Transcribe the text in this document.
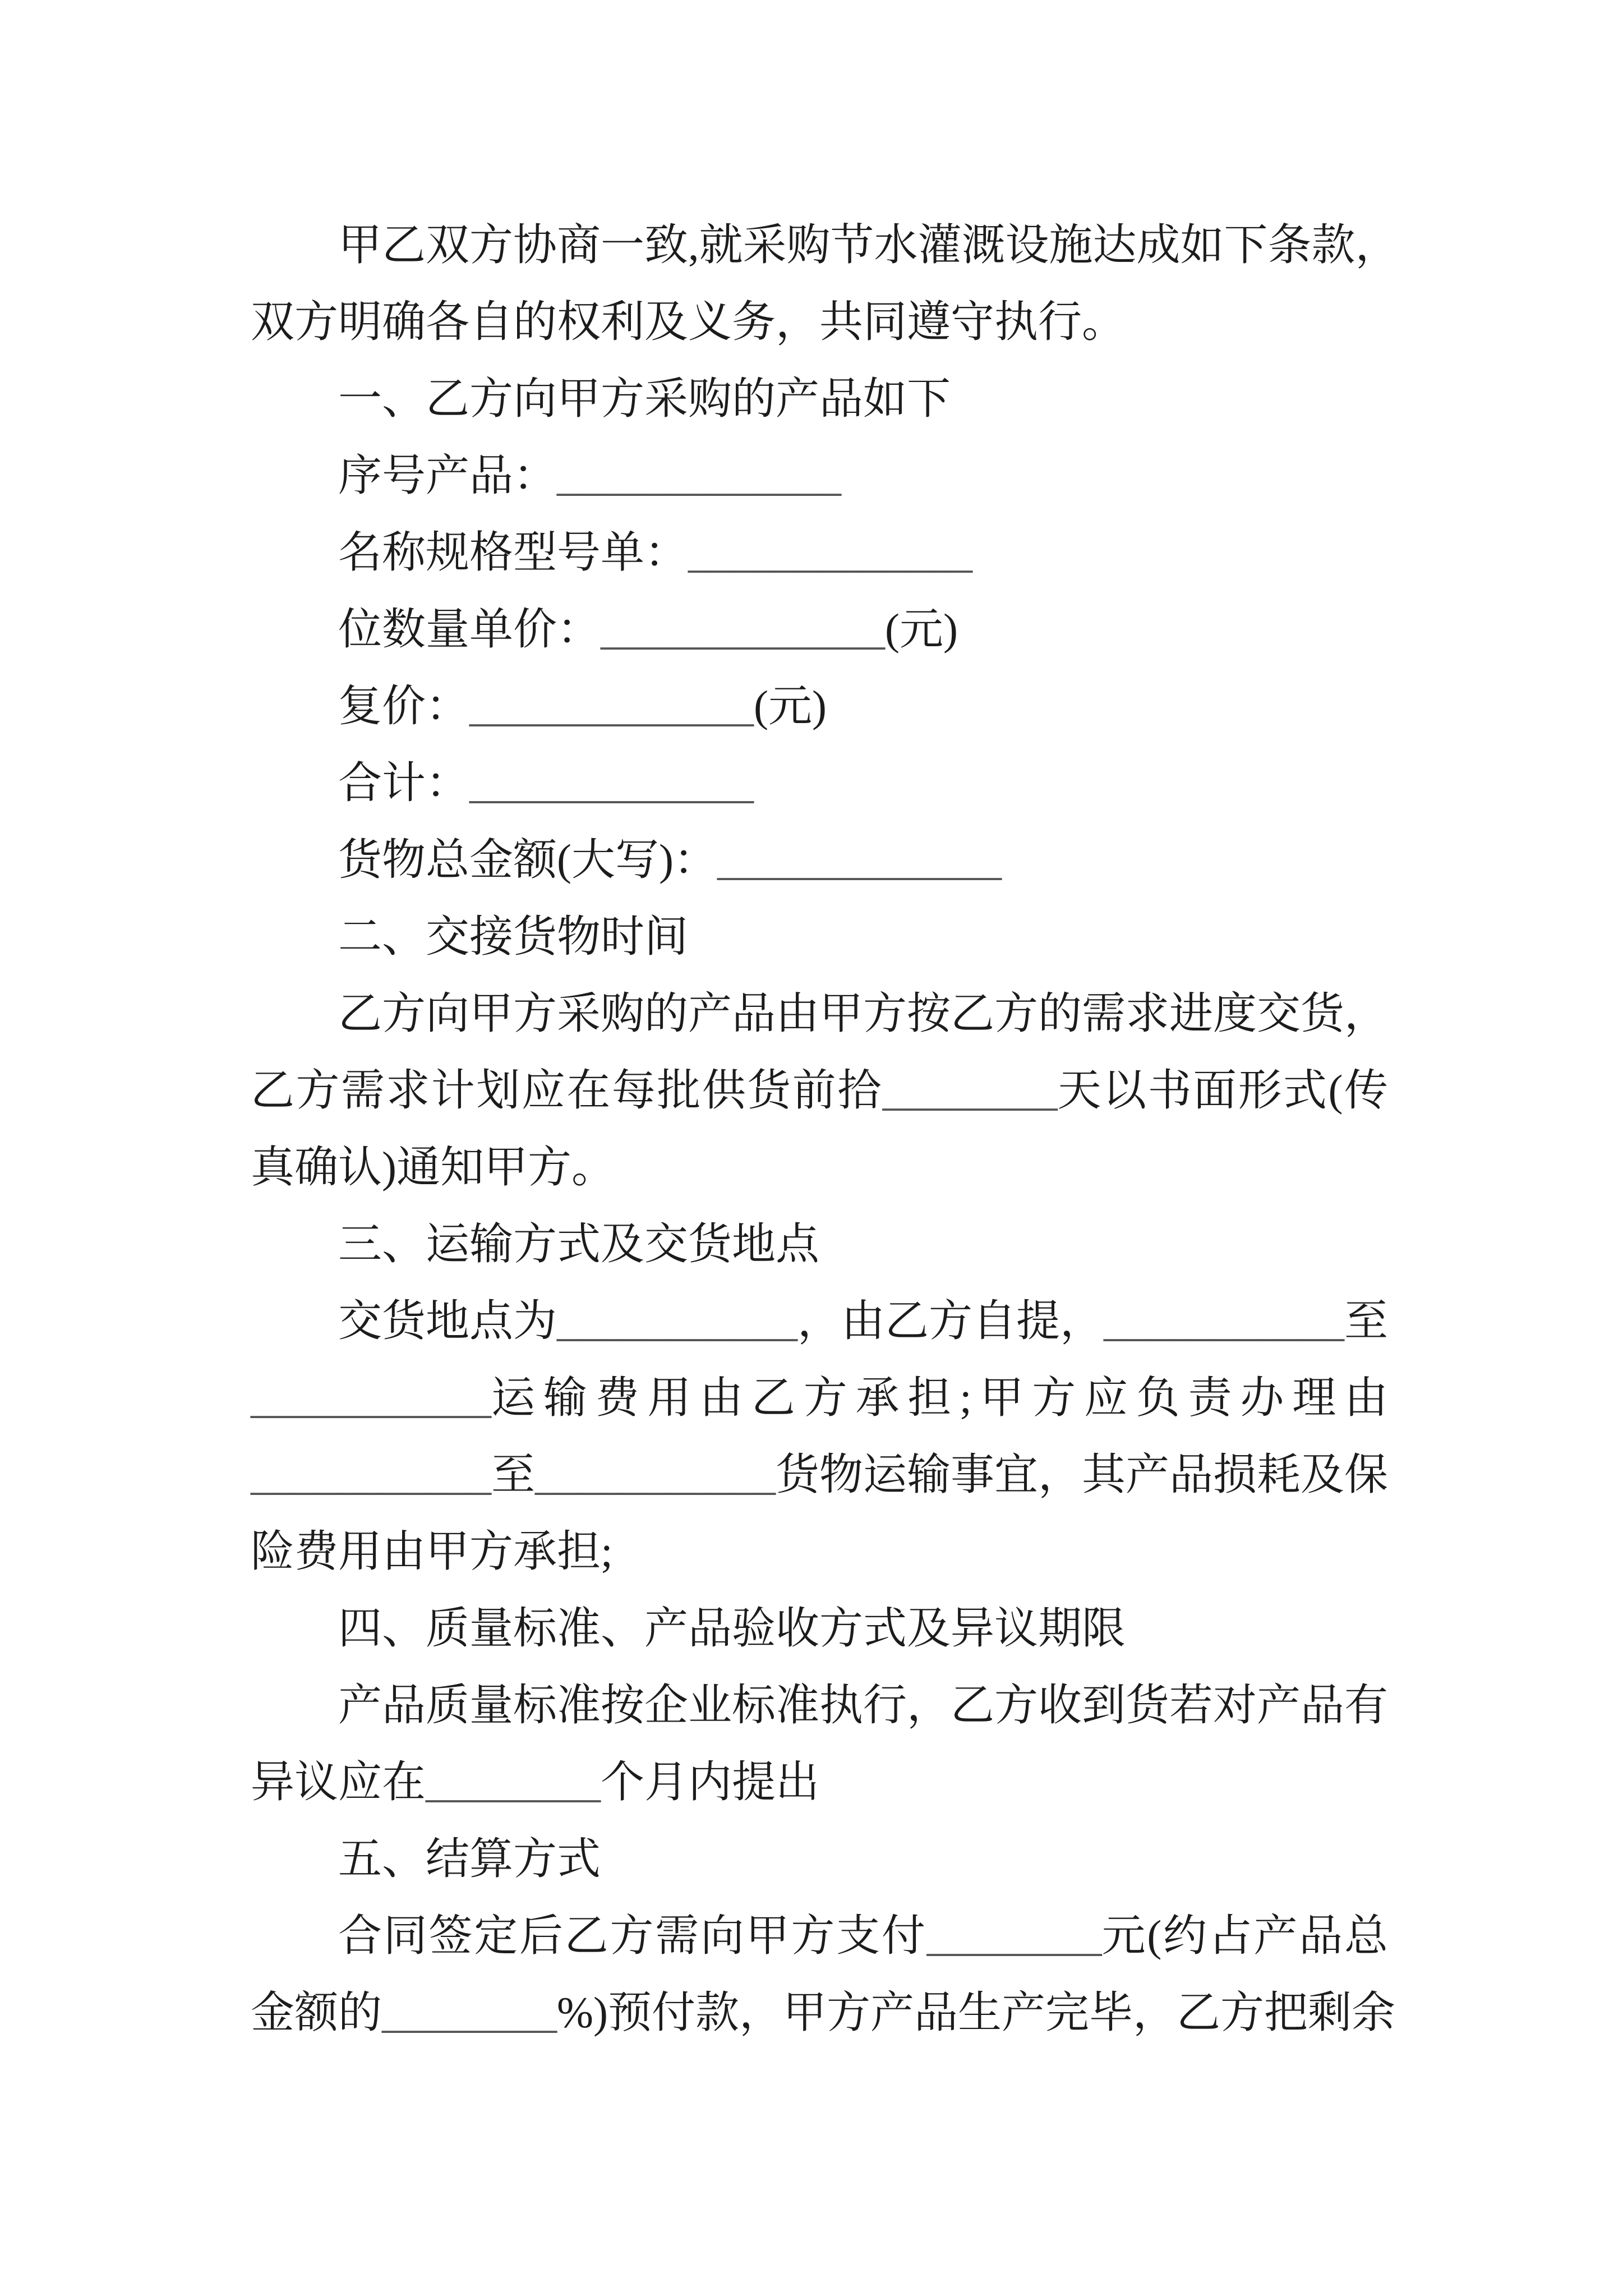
甲乙双方协商一致,就采购节水灌溉设施达成如下条款，
双方明确各自的权利及义务，共同遵守执行。
一、乙方向甲方采购的产品如下
序号产品：_____________
名称规格型号单：_____________
位数量单价：_____________(元)
复价：_____________(元)
合计：_____________
货物总金额(大写)：_____________
二、交接货物时间
乙方向甲方采购的产品由甲方按乙方的需求进度交货，
乙方需求计划应在每批供货前拾________天以书面形式(传
真确认)通知甲方。
三、运输方式及交货地点
交货地点为___________，由乙方自提，___________至
___________运输费用由乙方承担;甲方应负责办理由
___________至___________货物运输事宜，其产品损耗及保
险费用由甲方承担;
四、质量标准、产品验收方式及异议期限
产品质量标准按企业标准执行，乙方收到货若对产品有
异议应在________个月内提出
五、结算方式
合同签定后乙方需向甲方支付________元(约占产品总
金额的________%)预付款，甲方产品生产完毕，乙方把剩余
